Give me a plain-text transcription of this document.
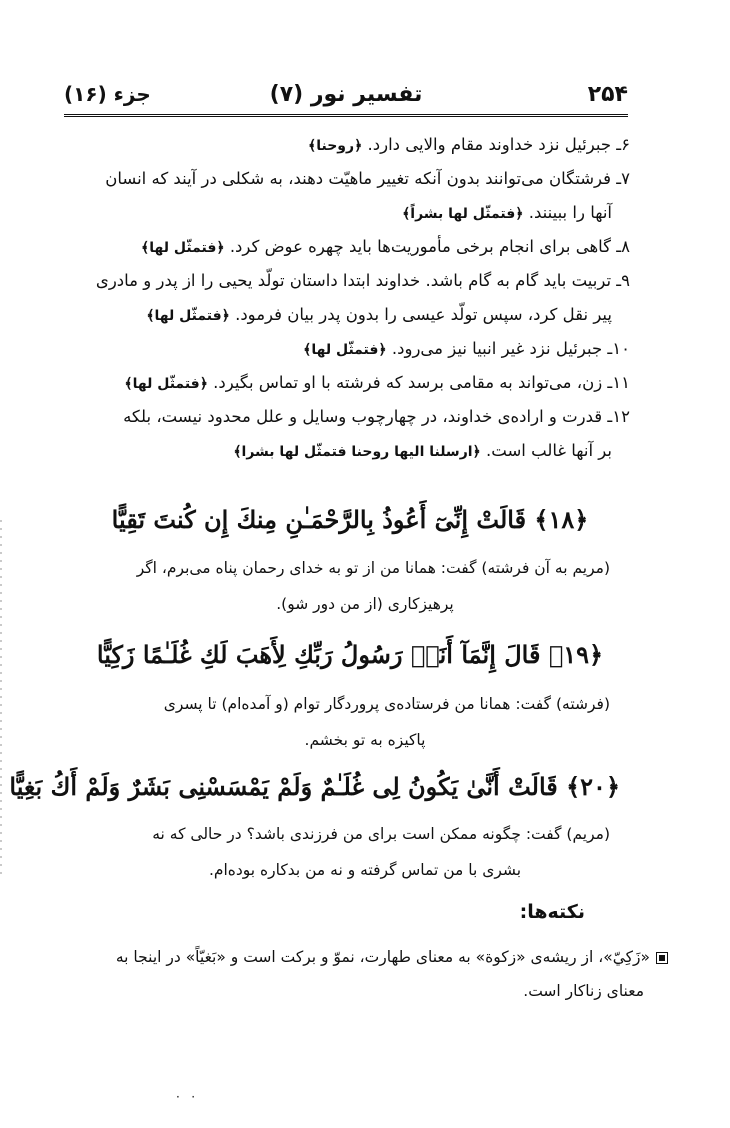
۲۵۴
تفسیر نور (۷)
جزء (۱۶)
۶ـ جبرئیل نزد خداوند مقام والایی دارد. ﴿روحنا﴾
۷ـ فرشتگان می‌توانند بدون آنکه تغییر ماهیّت دهند، به شکلی در آیند که انسان
آنها را ببینند. ﴿فتمثّل لها بشراً﴾
۸ـ گاهی برای انجام برخی مأموریت‌ها باید چهره عوض کرد. ﴿فتمثّل لها﴾
۹ـ تربیت باید گام به گام باشد. خداوند ابتدا داستان تولّد یحیی را از پدر و مادری
پیر نقل کرد، سپس تولّد عیسی را بدون پدر بیان فرمود. ﴿فتمثّل لها﴾
۱۰ـ جبرئیل نزد غیر انبیا نیز می‌رود. ﴿فتمثّل لها﴾
۱۱ـ زن، می‌تواند به مقامی برسد که فرشته با او تماس بگیرد. ﴿فتمثّل لها﴾
۱۲ـ قدرت و اراده‌ی خداوند، در چهارچوب وسایل و علل محدود نیست، بلکه
بر آنها غالب است. ﴿ارسلنا الیها روحنا فتمثّل لها بشرا﴾
﴿۱۸﴾ قَالَتْ إِنِّىٓ أَعُوذُ بِالرَّحْمَـٰنِ مِنكَ إِن كُنتَ تَقِيًّا
(مریم به آن فرشته) گفت: همانا من از تو به خدای رحمان پناه می‌برم، اگر
پرهیزکاری (از من دور شو).
﴿۱۹﴾ قَالَ إِنَّمَآ أَنَا۠ رَسُولُ رَبِّكِ لِأَهَبَ لَكِ غُلَـٰمًا زَكِيًّا
(فرشته) گفت: همانا من فرستاده‌ی پروردگار توام (و آمده‌ام) تا پسری
پاکیزه به تو بخشم.
﴿۲۰﴾ قَالَتْ أَنَّىٰ يَكُونُ لِى غُلَـٰمٌ وَلَمْ يَمْسَسْنِى بَشَرٌ وَلَمْ أَكُ بَغِيًّا
(مریم) گفت: چگونه ممکن است برای من فرزندی باشد؟ در حالی که نه
بشری با من تماس گرفته و نه من بدکاره بوده‌ام.
نکته‌ها:
«زَكِيّ»، از ریشه‌ی «زکوة» به معنای طهارت، نموّ و برکت است و «بَغيّاً» در اینجا به
معنای زناکار است.
·   ·
